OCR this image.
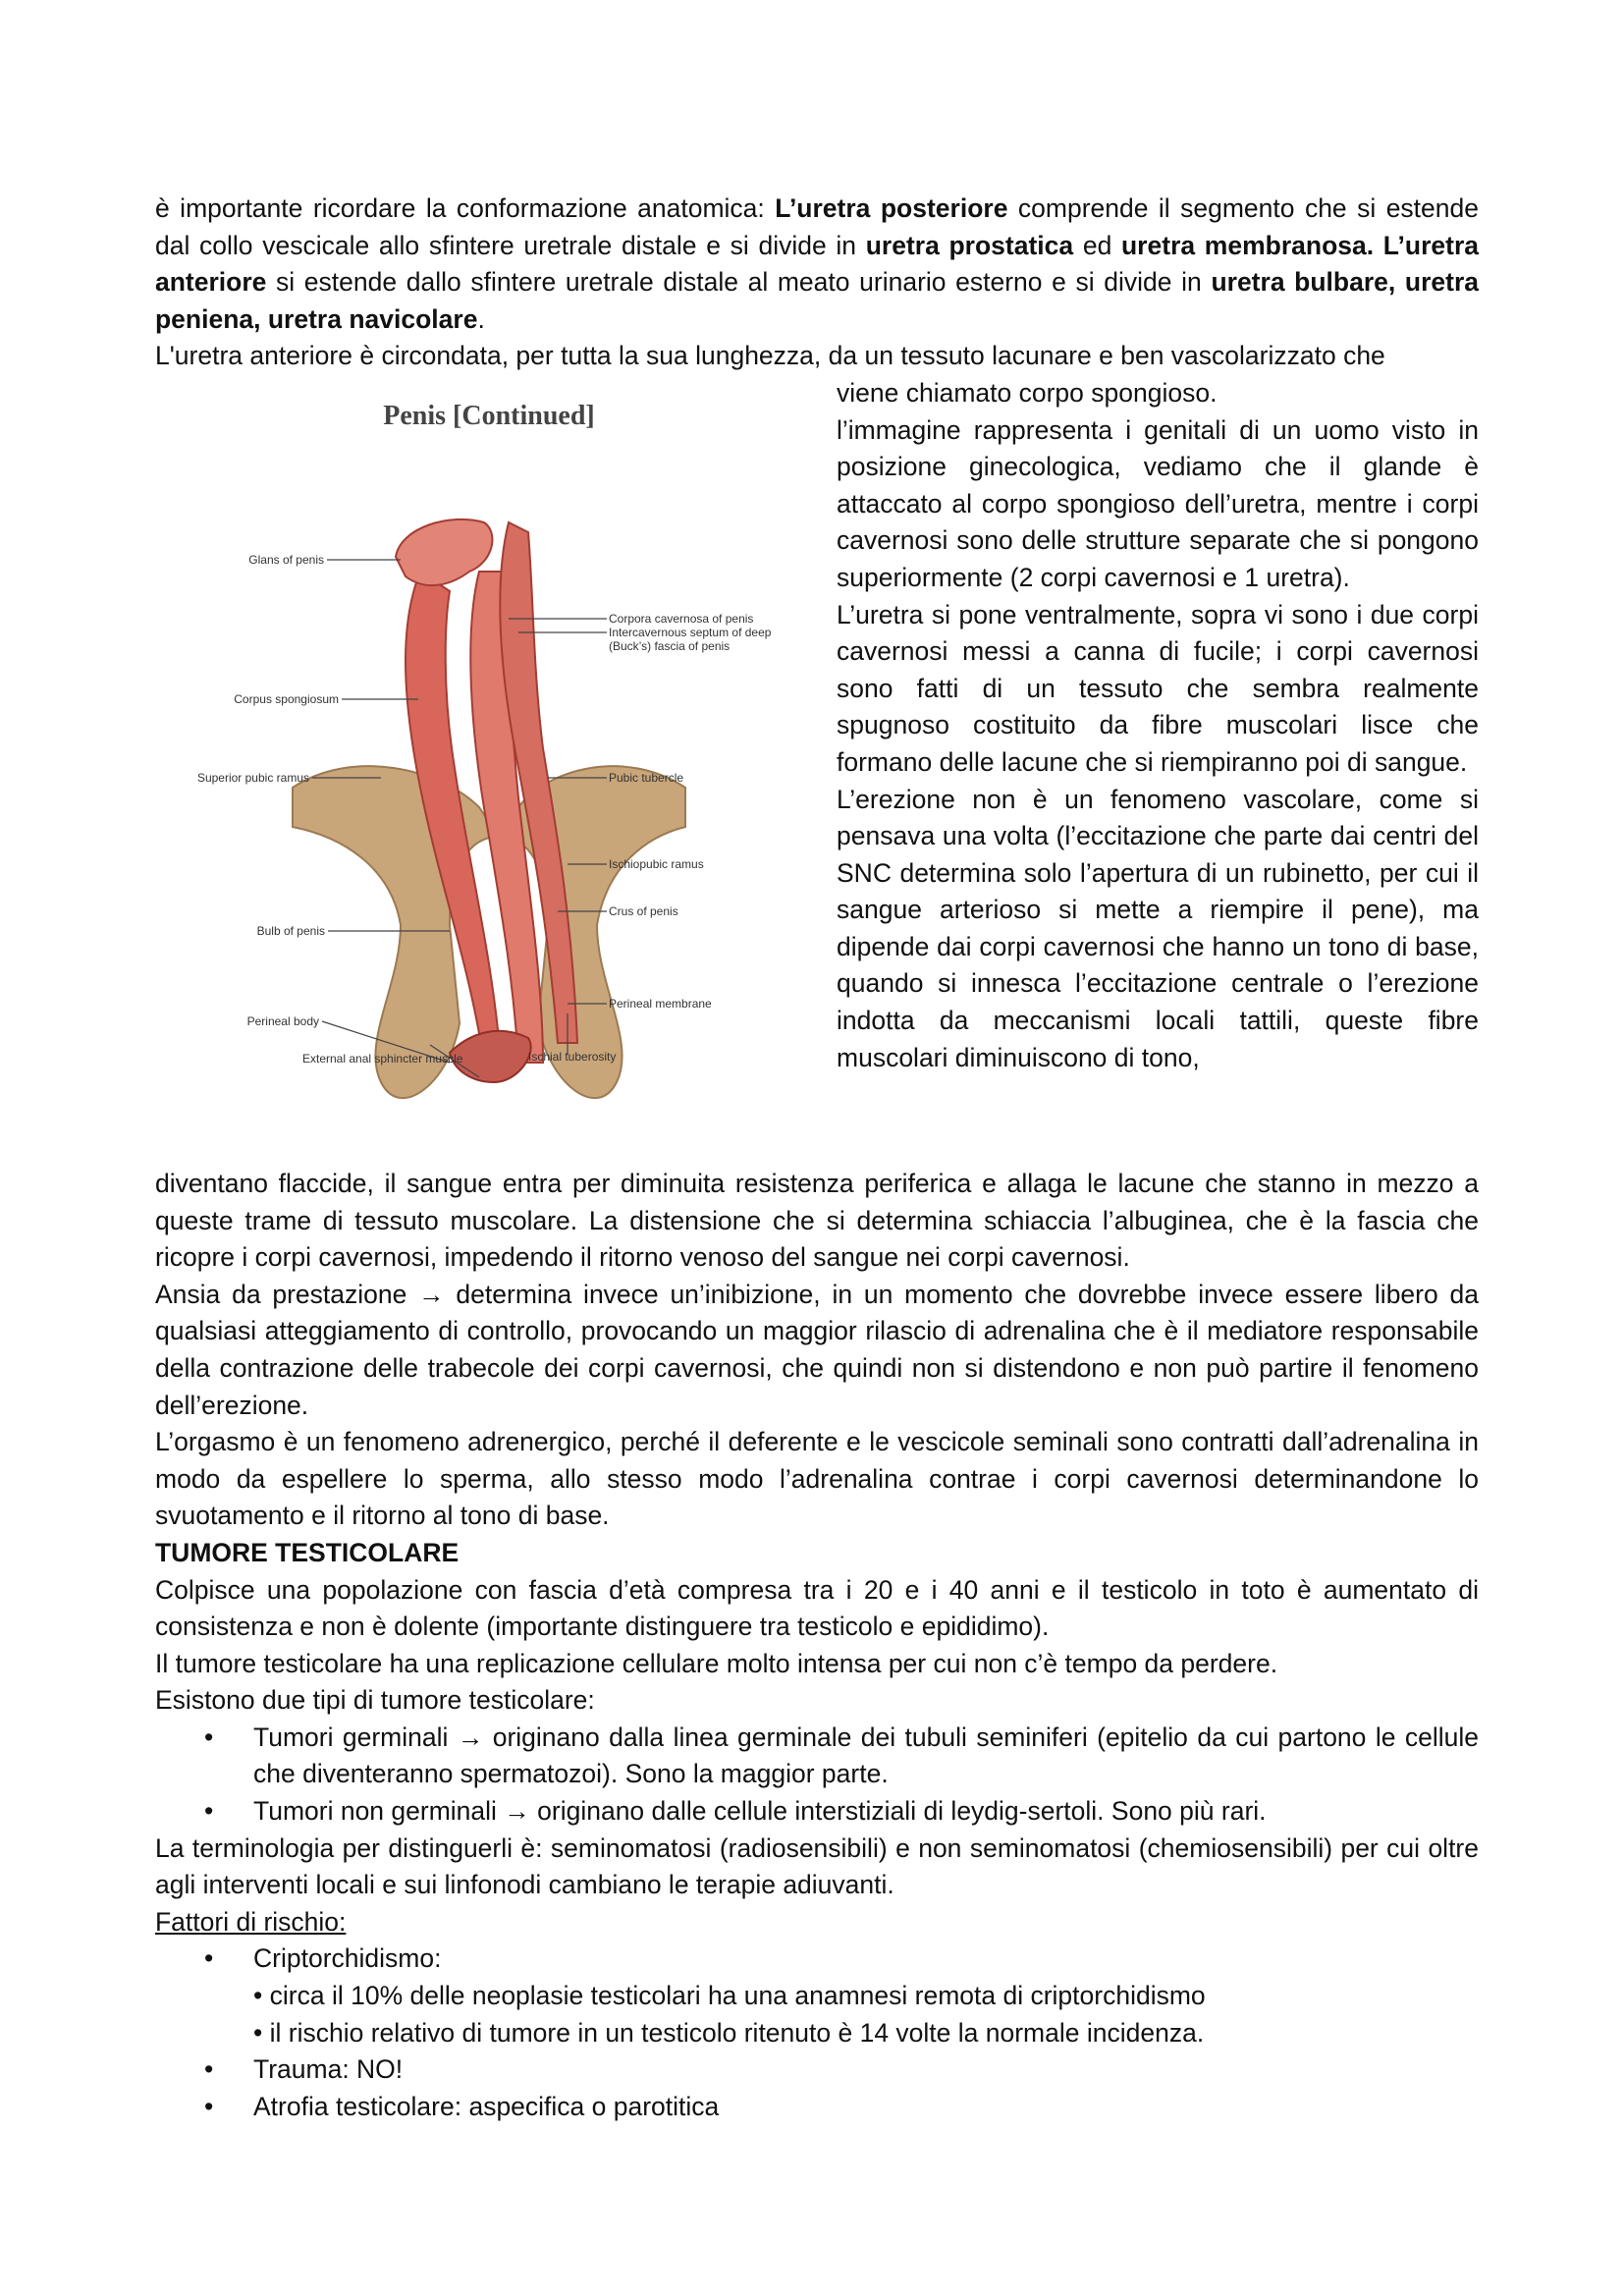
è importante ricordare la conformazione anatomica: L’uretra posteriore comprende il segmento che si estende dal collo vescicale allo sfintere uretrale distale e si divide in uretra prostatica ed uretra membranosa. L’uretra anteriore si estende dallo sfintere uretrale distale al meato urinario esterno e si divide in uretra bulbare, uretra peniena, uretra navicolare.

L'uretra anteriore è circondata, per tutta la sua lunghezza, da un tessuto lacunare e ben vascolarizzato che

Penis [Continued]
Glans of penis
Corpora cavernosa of penis
Intercavernous septum of deep
(Buck’s) fascia of penis
Corpus spongiosum
Superior pubic ramus	Pubic tubercle
Ischiopubic ramus
Crus of penis
Bulb of penis
Perineal membrane
Perineal body
External anal sphincter muscle	Ischial tuberosity

viene chiamato corpo spongioso.

l’immagine rappresenta i genitali di un uomo visto in posizione ginecologica, vediamo che il glande è attaccato al corpo spongioso dell’uretra, mentre i corpi cavernosi sono delle strutture separate che si pongono superiormente (2 corpi cavernosi e 1 uretra).

L’uretra si pone ventralmente, sopra vi sono i due corpi cavernosi messi a canna di fucile; i corpi cavernosi sono fatti di un tessuto che sembra realmente spugnoso costituito da fibre muscolari lisce che formano delle lacune che si riempiranno poi di sangue.

L’erezione non è un fenomeno vascolare, come si pensava una volta (l’eccitazione che parte dai centri del SNC determina solo l’apertura di un rubinetto, per cui il sangue arterioso si mette a riempire il pene), ma dipende dai corpi cavernosi che hanno un tono di base, quando si innesca l’eccitazione centrale o l’erezione indotta da meccanismi locali tattili, queste fibre muscolari diminuiscono di tono,

diventano flaccide, il sangue entra per diminuita resistenza periferica e allaga le lacune che stanno in mezzo a queste trame di tessuto muscolare. La distensione che si determina schiaccia l’albuginea, che è la fascia che ricopre i corpi cavernosi, impedendo il ritorno venoso del sangue nei corpi cavernosi.

Ansia da prestazione → determina invece un’inibizione, in un momento che dovrebbe invece essere libero da qualsiasi atteggiamento di controllo, provocando un maggior rilascio di adrenalina che è il mediatore responsabile della contrazione delle trabecole dei corpi cavernosi, che quindi non si distendono e non può partire il fenomeno dell’erezione.

L’orgasmo è un fenomeno adrenergico, perché il deferente e le vescicole seminali sono contratti dall’adrenalina in modo da espellere lo sperma, allo stesso modo l’adrenalina contrae i corpi cavernosi determinandone lo svuotamento e il ritorno al tono di base.

TUMORE TESTICOLARE

Colpisce una popolazione con fascia d’età compresa tra i 20 e i 40 anni e il testicolo in toto è aumentato di consistenza e non è dolente (importante distinguere tra testicolo e epididimo).

Il tumore testicolare ha una replicazione cellulare molto intensa per cui non c’è tempo da perdere.

Esistono due tipi di tumore testicolare:

• Tumori germinali → originano dalla linea germinale dei tubuli seminiferi (epitelio da cui partono le cellule che diventeranno spermatozoi). Sono la maggior parte.
• Tumori non germinali → originano dalle cellule interstiziali di leydig-sertoli. Sono più rari.

La terminologia per distinguerli è: seminomatosi (radiosensibili) e non seminomatosi (chemiosensibili) per cui oltre agli interventi locali e sui linfonodi cambiano le terapie adiuvanti.

Fattori di rischio:

• Criptorchidismo:
• circa il 10% delle neoplasie testicolari ha una anamnesi remota di criptorchidismo
• il rischio relativo di tumore in un testicolo ritenuto è 14 volte la normale incidenza.
• Trauma: NO!
• Atrofia testicolare: aspecifica o parotitica
